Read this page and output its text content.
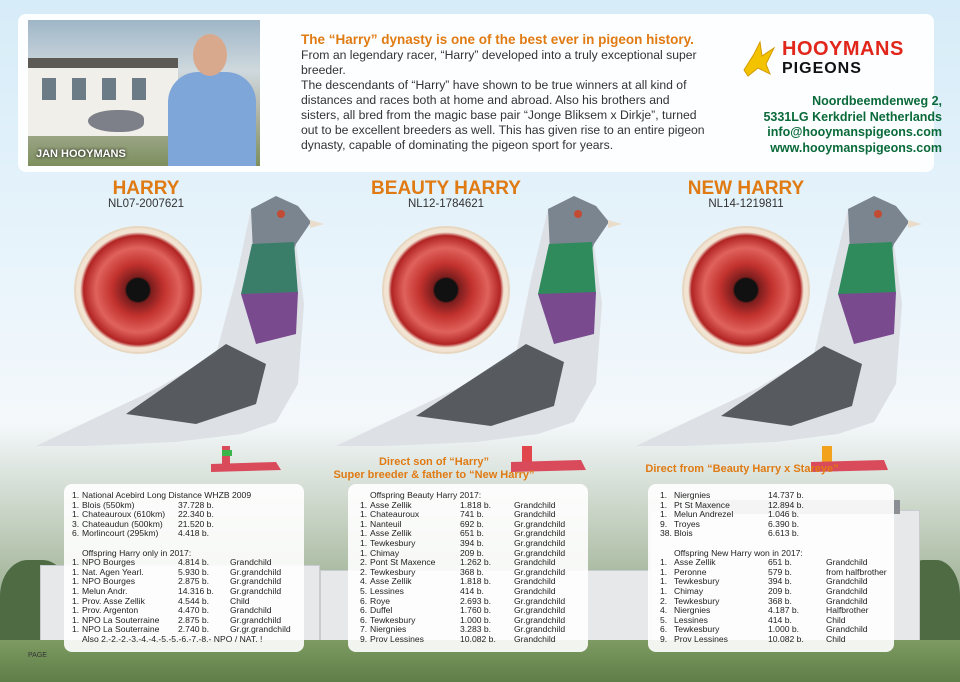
JAN HOOYMANS
The “Harry” dynasty is one of the best ever in pigeon history.
From an legendary racer, “Harry” developed into a truly exceptional super breeder.
The descendants of “Harry” have shown to be true winners at all kind of distances and races both at home and abroad. Also his brothers and sisters, all bred from the magic base pair “Jonge Bliksem x Dirkje”, turned out to be excellent breeders as well. This has given rise to an entire pigeon dynasty, capable of dominating the pigeon sport for years.
HOOYMANS
PIGEONS
Noordbeemdenweg 2,
5331LG Kerkdriel Netherlands
info@hooymanspigeons.com
www.hooymanspigeons.com
HARRY
NL07-2007621
BEAUTY HARRY
NL12-1784621
NEW HARRY
NL14-1219811
Direct son of “Harry”
Super breeder & father to “New Harry”	Direct from “Beauty Harry x Stareye”
1. National Acebird Long Distance WHZB 2009
1. Blois (550km)	37.728 b.
1. Chateauroux (610km) 22.340 b.
3. Chateaudun (500km) 21.520 b.
6. Morlincourt (295km) 4.418 b.
Offspring Harry only in 2017:
1. NPO Bourges	4.814 b. Grandchild
1. Nat. Agen Yearl.	5.930 b. Gr.grandchild
1. NPO Bourges	2.875 b. Gr.grandchild
1. Melun Andr.	14.316 b. Gr.grandchild
1. Prov. Asse Zellik	4.544 b. Child
1. Prov. Argenton	4.470 b. Grandchild
1. NPO La Souterraine 2.875 b. Gr.grandchild
1. NPO La Souterraine 2.740 b. Gr.gr.grandchild
Also 2.-2.-2.-3.-4.-4.-5.-5.-6.-7.-8.- NPO / NAT. !
Offspring Beauty Harry 2017:
1. Asse Zellik	1.818 b.	Grandchild
1. Chateauroux	741 b.	Grandchild
1. Nanteuil	692 b.	Gr.grandchild
1. Asse Zellik	651 b.	Gr.grandchild
1. Tewkesbury	394 b.	Gr.grandchild
1. Chimay	209 b.	Gr.grandchild
2. Pont St Maxence	1.262 b.	Grandchild
2. Tewkesbury	368 b.	Gr.grandchild
4. Asse Zellik	1.818 b.	Grandchild
5. Lessines	414 b.	Grandchild
6. Roye	2.693 b.	Gr.grandchild
6. Duffel	1.760 b.	Gr.grandchild
6. Tewkesbury	1.000 b.	Gr.grandchild
7. Niergnies	3.283 b.	Gr.grandchild
9. Prov Lessines	10.082 b. Grandchild
1. Niergnies	14.737 b.
1. Pt St Maxence	12.894 b.
1. Melun Andrezel	1.046 b.
9. Troyes	6.390 b.
38. Blois	6.613 b.
Offspring New Harry won in 2017:
1. Asse Zellik	651 b.	Grandchild
1. Peronne	579 b.	from halfbrother
1. Tewkesbury	394 b.	Grandchild
1. Chimay	209 b.	Grandchild
2. Tewkesbury	368 b.	Grandchild
4. Niergnies	4.187 b.	Halfbrother
5. Lessines	414 b.	Child
6. Tewkesbury	1.000 b.	Grandchild
9. Prov Lessines	10.082 b.	Child
PAGE
